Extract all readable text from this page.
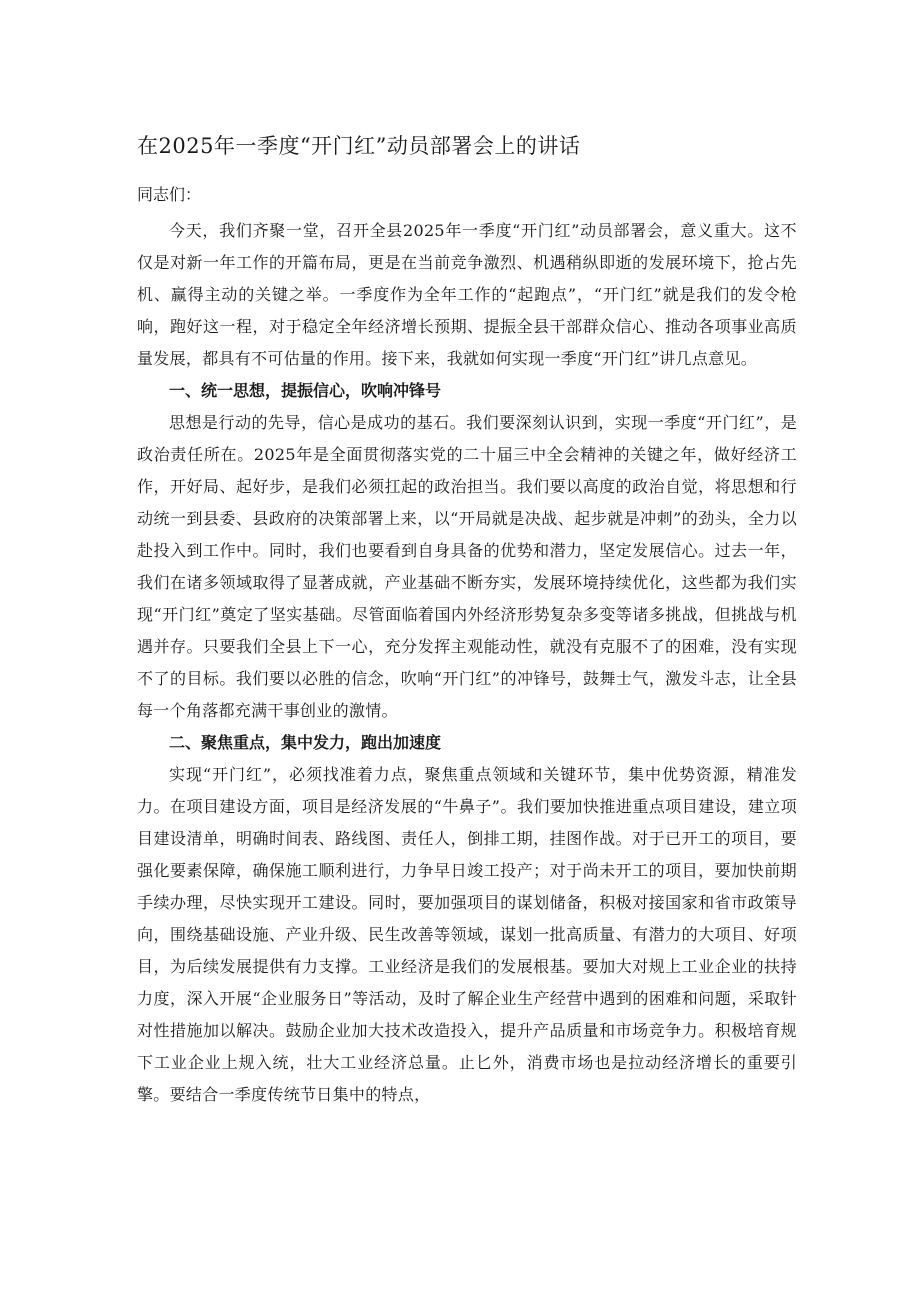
在2025年一季度“开门红”动员部署会上的讲话

同志们：

今天，我们齐聚一堂，召开全县2025年一季度“开门红”动员部署会，意义重大。这不仅是对新一年工作的开篇布局，更是在当前竞争激烈、机遇稍纵即逝的发展环境下，抢占先机、赢得主动的关键之举。一季度作为全年工作的“起跑点”，“开门红”就是我们的发令枪响，跑好这一程，对于稳定全年经济增长预期、提振全县干部群众信心、推动各项事业高质量发展，都具有不可估量的作用。接下来，我就如何实现一季度“开门红”讲几点意见。

一、统一思想，提振信心，吹响冲锋号

思想是行动的先导，信心是成功的基石。我们要深刻认识到，实现一季度“开门红”，是政治责任所在。2025年是全面贯彻落实党的二十届三中全会精神的关键之年，做好经济工作，开好局、起好步，是我们必须扛起的政治担当。我们要以高度的政治自觉，将思想和行动统一到县委、县政府的决策部署上来，以“开局就是决战、起步就是冲刺”的劲头，全力以赴投入到工作中。同时，我们也要看到自身具备的优势和潜力，坚定发展信心。过去一年，我们在诸多领域取得了显著成就，产业基础不断夯实，发展环境持续优化，这些都为我们实现“开门红”奠定了坚实基础。尽管面临着国内外经济形势复杂多变等诸多挑战，但挑战与机遇并存。只要我们全县上下一心，充分发挥主观能动性，就没有克服不了的困难，没有实现不了的目标。我们要以必胜的信念，吹响“开门红”的冲锋号，鼓舞士气，激发斗志，让全县每一个角落都充满干事创业的激情。

二、聚焦重点，集中发力，跑出加速度

实现“开门红”，必须找准着力点，聚焦重点领域和关键环节，集中优势资源，精准发力。在项目建设方面，项目是经济发展的“牛鼻子”。我们要加快推进重点项目建设，建立项目建设清单，明确时间表、路线图、责任人，倒排工期，挂图作战。对于已开工的项目，要强化要素保障，确保施工顺利进行，力争早日竣工投产；对于尚未开工的项目，要加快前期手续办理，尽快实现开工建设。同时，要加强项目的谋划储备，积极对接国家和省市政策导向，围绕基础设施、产业升级、民生改善等领域，谋划一批高质量、有潜力的大项目、好项目，为后续发展提供有力支撑。工业经济是我们的发展根基。要加大对规上工业企业的扶持力度，深入开展“企业服务日”等活动，及时了解企业生产经营中遇到的困难和问题，采取针对性措施加以解决。鼓励企业加大技术改造投入，提升产品质量和市场竞争力。积极培育规下工业企业上规入统，壮大工业经济总量。止匕外，消费市场也是拉动经济增长的重要引擎。要结合一季度传统节日集中的特点，
